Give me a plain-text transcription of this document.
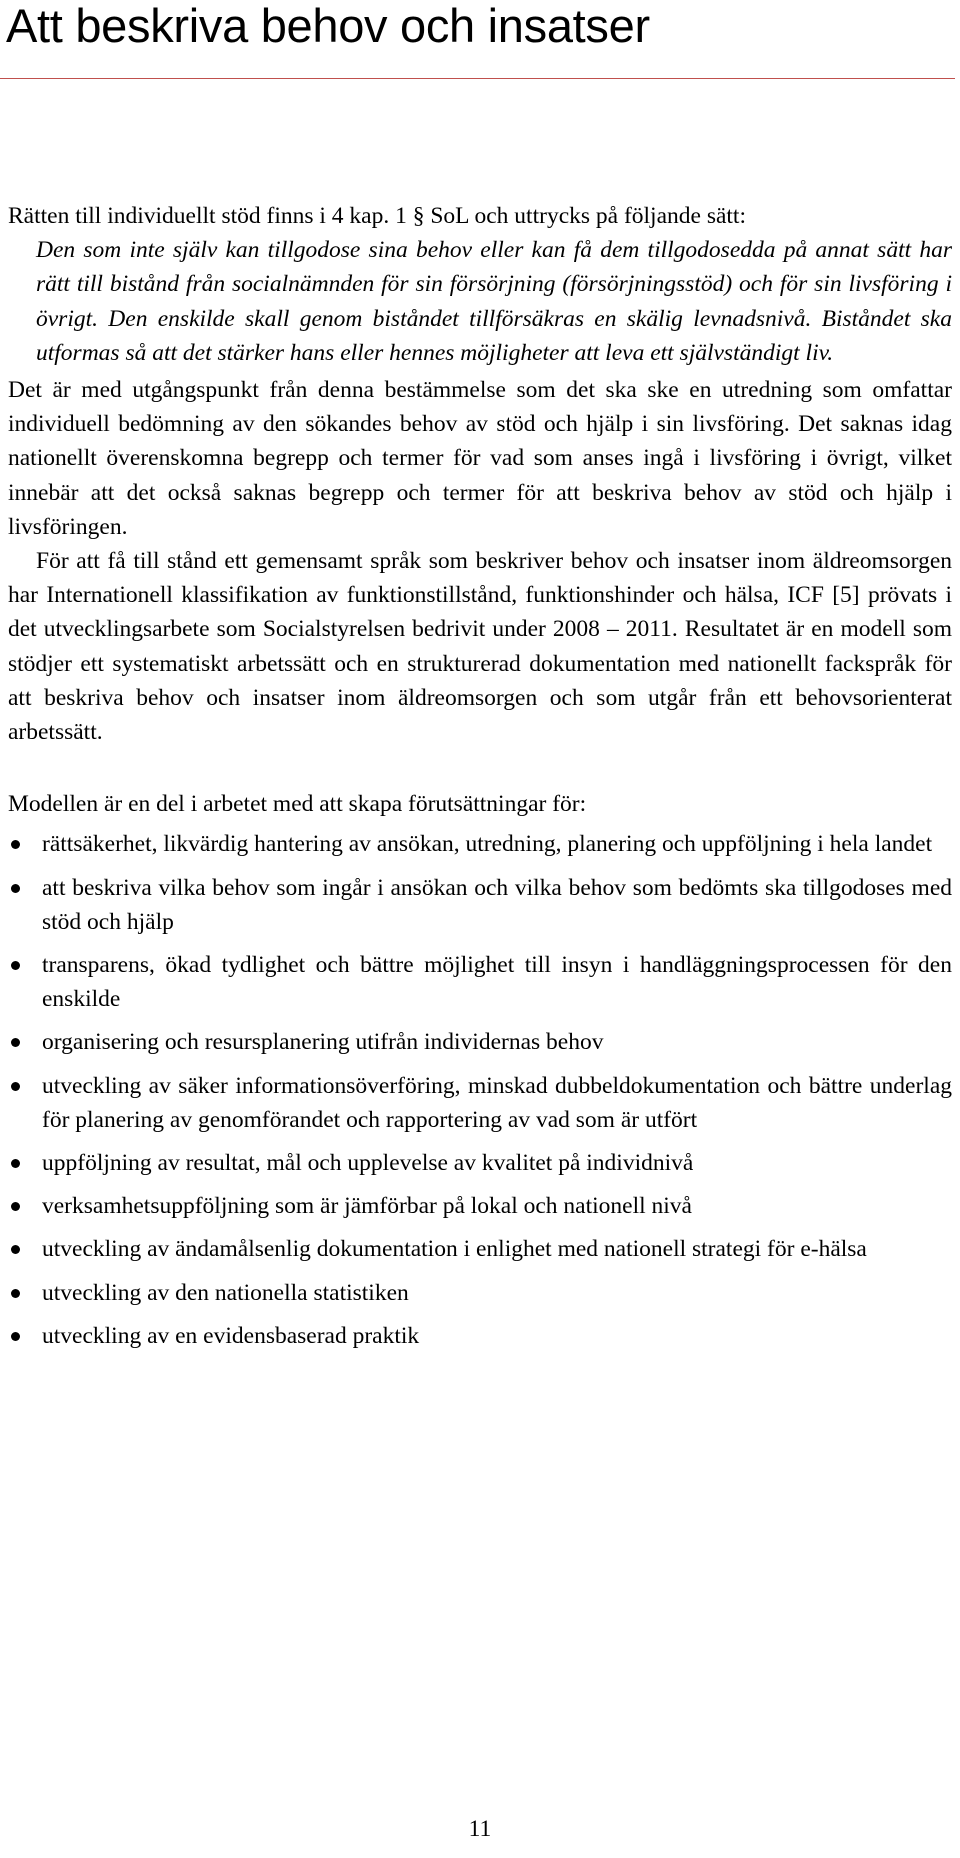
Att beskriva behov och insatser

Rätten till individuellt stöd finns i 4 kap. 1 § SoL och uttrycks på följande sätt:

Den som inte själv kan tillgodose sina behov eller kan få dem tillgodosedda på annat sätt har rätt till bistånd från socialnämnden för sin försörjning (försörjningsstöd) och för sin livsföring i övrigt. Den enskilde skall genom biståndet tillförsäkras en skälig levnadsnivå. Biståndet ska utformas så att det stärker hans eller hennes möjligheter att leva ett självständigt liv.

Det är med utgångspunkt från denna bestämmelse som det ska ske en utredning som omfattar individuell bedömning av den sökandes behov av stöd och hjälp i sin livsföring. Det saknas idag nationellt överenskomna begrepp och termer för vad som anses ingå i livsföring i övrigt, vilket innebär att det också saknas begrepp och termer för att beskriva behov av stöd och hjälp i livsföringen.

För att få till stånd ett gemensamt språk som beskriver behov och insatser inom äldreomsorgen har Internationell klassifikation av funktionstillstånd, funktionshinder och hälsa, ICF [5] prövats i det utvecklingsarbete som Socialstyrelsen bedrivit under 2008 – 2011. Resultatet är en modell som stödjer ett systematiskt arbetssätt och en strukturerad dokumentation med nationellt fackspråk för att beskriva behov och insatser inom äldreomsorgen och som utgår från ett behovsorienterat arbetssätt.

Modellen är en del i arbetet med att skapa förutsättningar för:

rättsäkerhet, likvärdig hantering av ansökan, utredning, planering och uppföljning i hela landet
att beskriva vilka behov som ingår i ansökan och vilka behov som bedömts ska tillgodoses med stöd och hjälp
transparens, ökad tydlighet och bättre möjlighet till insyn i handläggningsprocessen för den enskilde
organisering och resursplanering utifrån individernas behov
utveckling av säker informationsöverföring, minskad dubbeldokumentation och bättre underlag för planering av genomförandet och rapportering av vad som är utfört
uppföljning av resultat, mål och upplevelse av kvalitet på individnivå
verksamhetsuppföljning som är jämförbar på lokal och nationell nivå
utveckling av ändamålsenlig dokumentation i enlighet med nationell strategi för e-hälsa
utveckling av den nationella statistiken
utveckling av en evidensbaserad praktik
11
